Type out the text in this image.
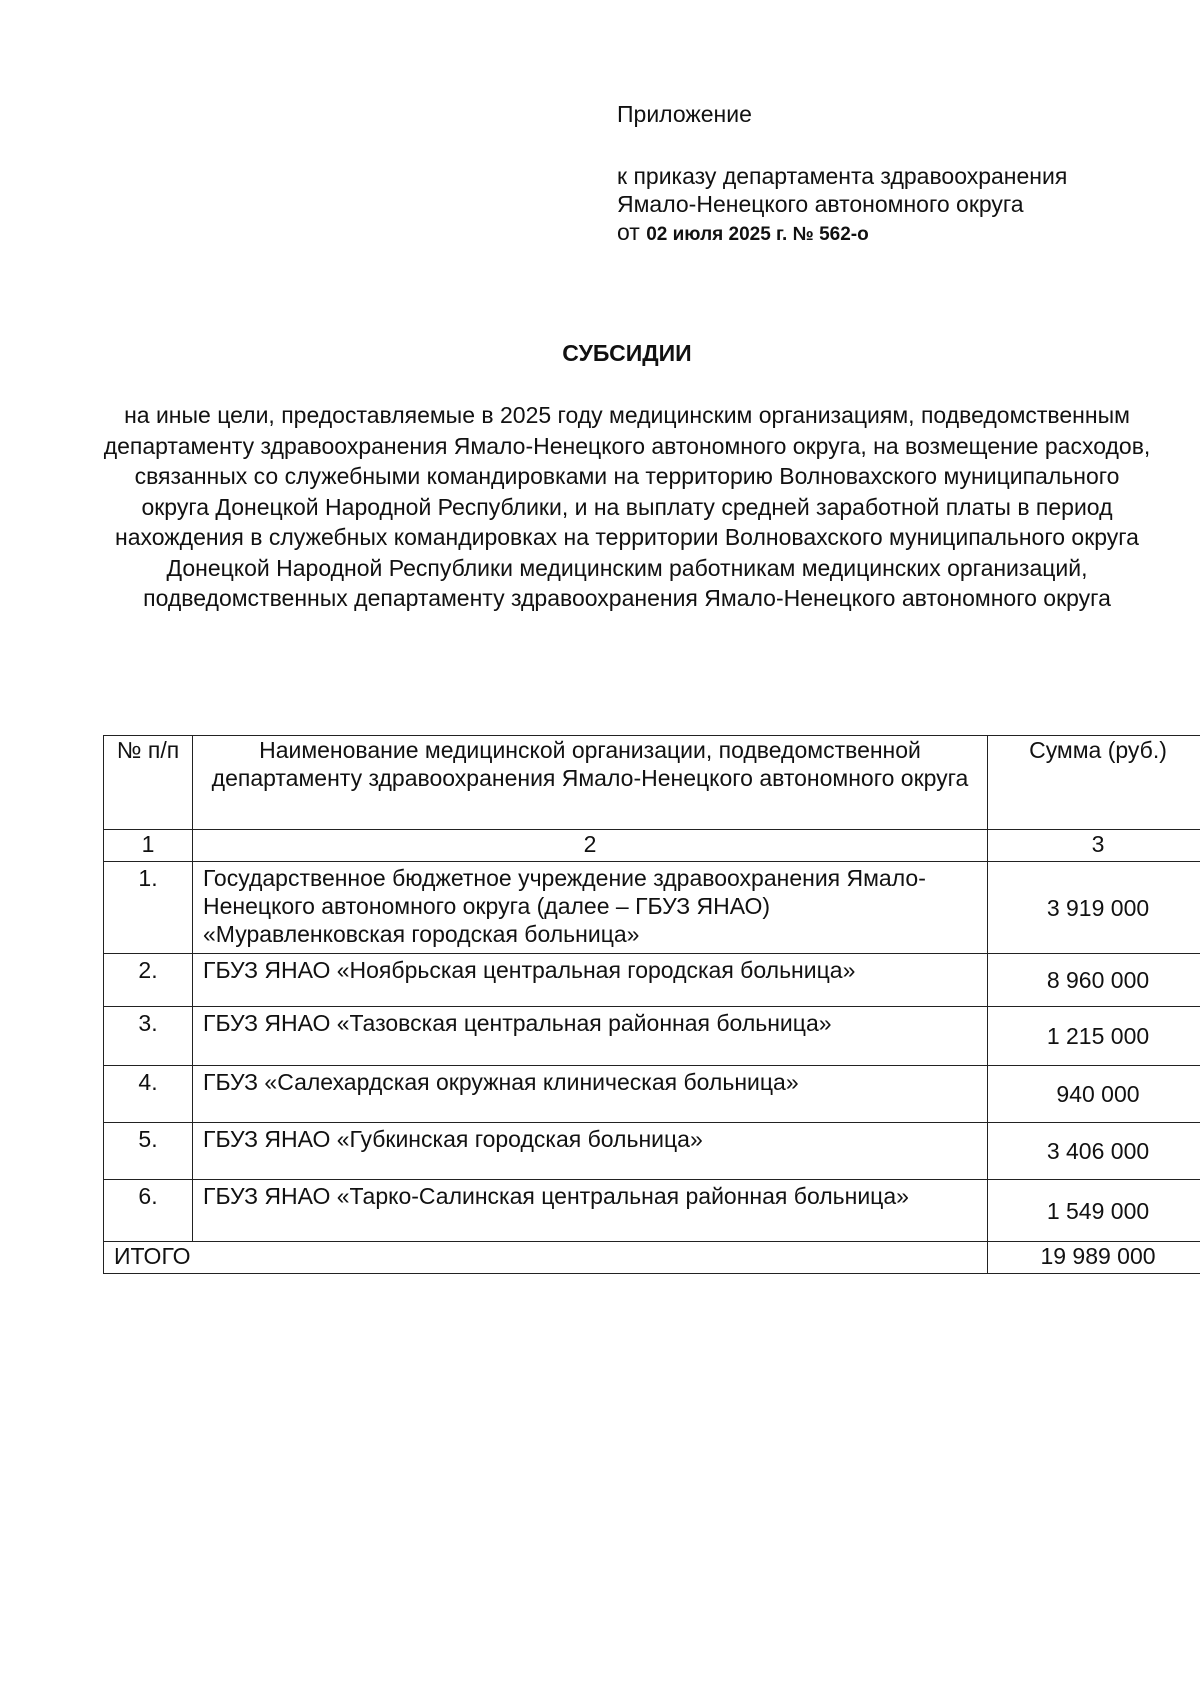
Приложение
к приказу департамента здравоохранения
Ямало-Ненецкого автономного округа
от 02 июля 2025 г. № 562-о
СУБСИДИИ
на иные цели, предоставляемые в 2025 году медицинским организациям, подведомственным департаменту здравоохранения Ямало-Ненецкого автономного округа, на возмещение расходов, связанных со служебными командировками на территорию Волновахского муниципального округа Донецкой Народной Республики, и на выплату средней заработной платы в период нахождения в служебных командировках на территории Волновахского муниципального округа Донецкой Народной Республики медицинским работникам медицинских организаций, подведомственных департаменту здравоохранения Ямало-Ненецкого автономного округа
№ п/п	Наименование медицинской организации, подведомственной департаменту здравоохранения Ямало-Ненецкого автономного округа	Сумма (руб.)
1	2	3
1.	Государственное бюджетное учреждение здравоохранения Ямало-Ненецкого автономного округа (далее – ГБУЗ ЯНАО) «Муравленковская городская больница»	3 919 000
2.	ГБУЗ ЯНАО «Ноябрьская центральная городская больница»	8 960 000
3.	ГБУЗ ЯНАО «Тазовская центральная районная больница»	1 215 000
4.	ГБУЗ «Салехардская окружная клиническая больница»	940 000
5.	ГБУЗ ЯНАО «Губкинская городская больница»	3 406 000
6.	ГБУЗ ЯНАО «Тарко-Салинская центральная районная больница»	1 549 000
ИТОГО		19 989 000
